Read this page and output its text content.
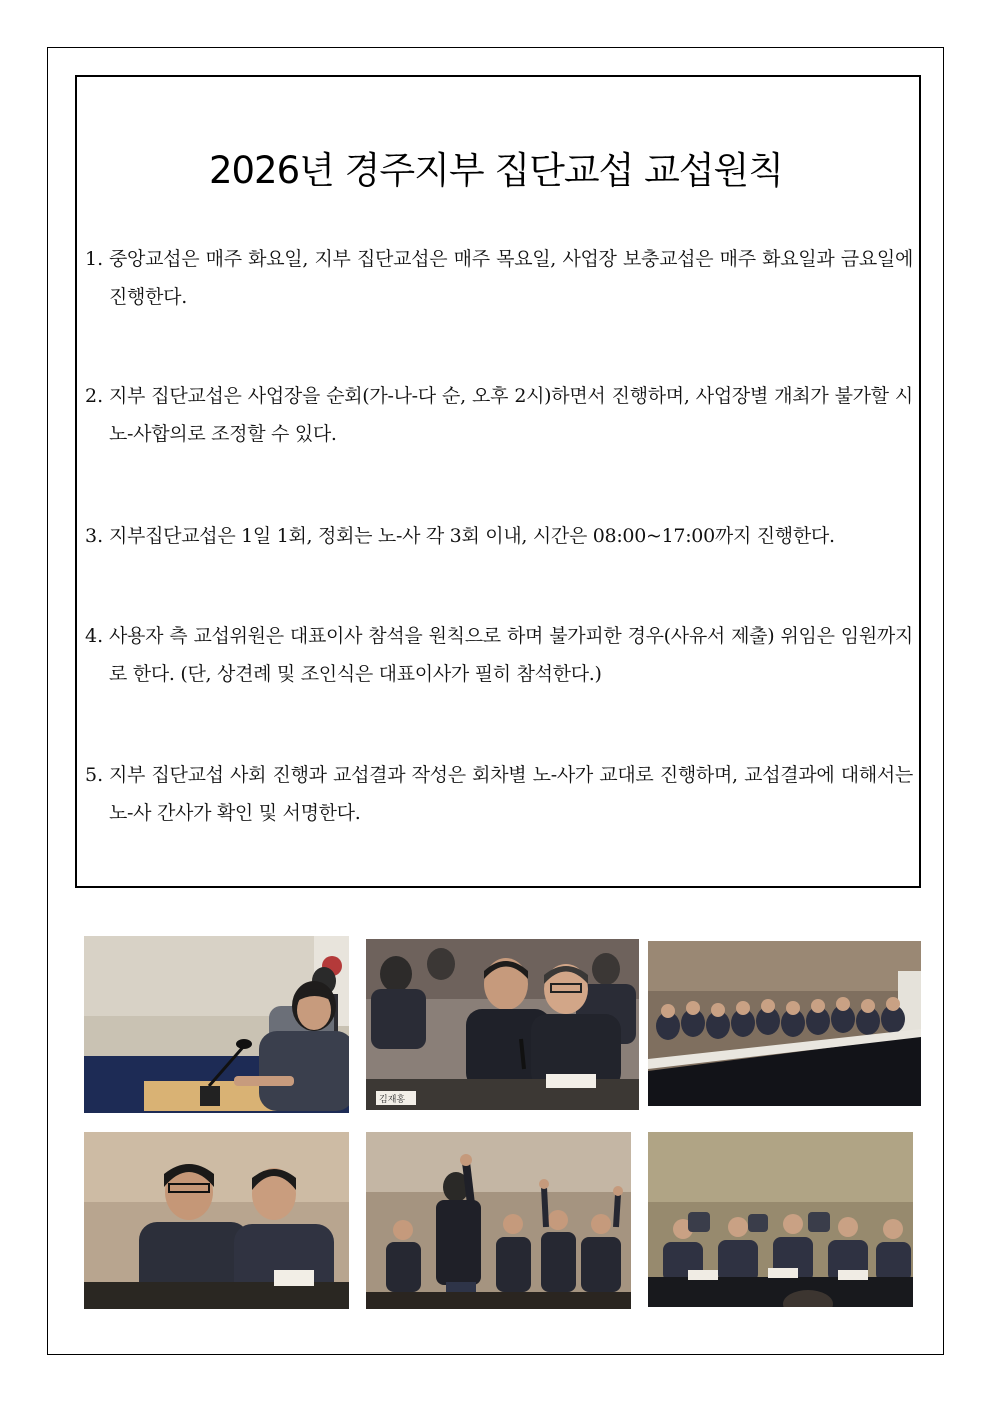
2026년 경주지부 집단교섭 교섭원칙
1. 중앙교섭은 매주 화요일, 지부 집단교섭은 매주 목요일, 사업장 보충교섭은 매주 화요일과 금요일에 진행한다.
2. 지부 집단교섭은 사업장을 순회(가-나-다 순, 오후 2시)하면서 진행하며, 사업장별 개최가 불가할 시 노-사합의로 조정할 수 있다.
3. 지부집단교섭은 1일 1회, 정회는 노-사 각 3회 이내, 시간은 08:00~17:00까지 진행한다.
4. 사용자 측 교섭위원은 대표이사 참석을 원칙으로 하며 불가피한 경우(사유서 제출) 위임은 임원까지로 한다. (단, 상견례 및 조인식은 대표이사가 필히 참석한다.)
5. 지부 집단교섭 사회 진행과 교섭결과 작성은 회차별 노-사가 교대로 진행하며, 교섭결과에 대해서는 노-사 간사가 확인 및 서명한다.
김재홍
